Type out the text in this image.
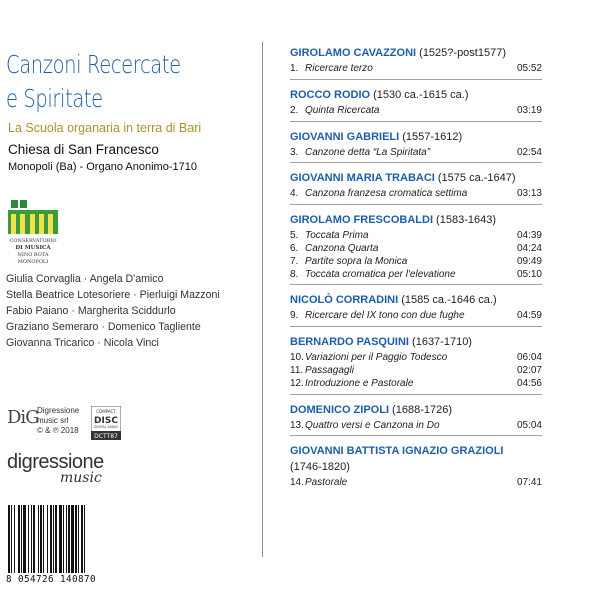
Canzoni Recercate
e Spiritate
La Scuola organaria in terra di Bari
Chiesa di San Francesco
Monopoli (Ba) - Organo Anonimo-1710
CONSERVATORIO
DI MUSICA
NINO ROTA
MONOPOLI
Giulia Corvaglia · Angela D'amico
Stella Beatrice Lotesoriere · Pierluigi Mazzoni
Fabio Paiano · Margherita Sciddurlo
Graziano Semeraro · Domenico Tagliente
Giovanna Tricarico · Nicola Vinci
DiG
Digressione
music srl
© & ℗ 2018
COMPACT
DISC
DIGITAL AUDIO
DCTT87
digressione
music
8 054726 140870
GIROLAMO CAVAZZONI (1525?-post1577)
1. Ricercare terzo	05:52
ROCCO RODIO (1530 ca.-1615 ca.)
2. Quinta Ricercata	03:19
GIOVANNI GABRIELI (1557-1612)
3. Canzone detta “La Spiritata”	02:54
GIOVANNI MARIA TRABACI (1575 ca.-1647)
4. Canzona franzesa cromatica settima	03:13
GIROLAMO FRESCOBALDI (1583-1643)
5. Toccata Prima	04:39
6. Canzona Quarta	04:24
7. Partite sopra la Monica	09:49
8. Toccata cromatica per l'elevatione	05:10
NICOLÒ CORRADINI (1585 ca.-1646 ca.)
9. Ricercare del IX tono con due fughe	04:59
BERNARDO PASQUINI (1637-1710)
10. Variazioni per il Paggio Todesco	06:04
11. Passagagli	02:07
12. Introduzione e Pastorale	04:56
DOMENICO ZIPOLI (1688-1726)
13. Quattro versi e Canzona in Do	05:04
GIOVANNI BATTISTA IGNAZIO GRAZIOLI
(1746-1820)
14. Pastorale	07:41
